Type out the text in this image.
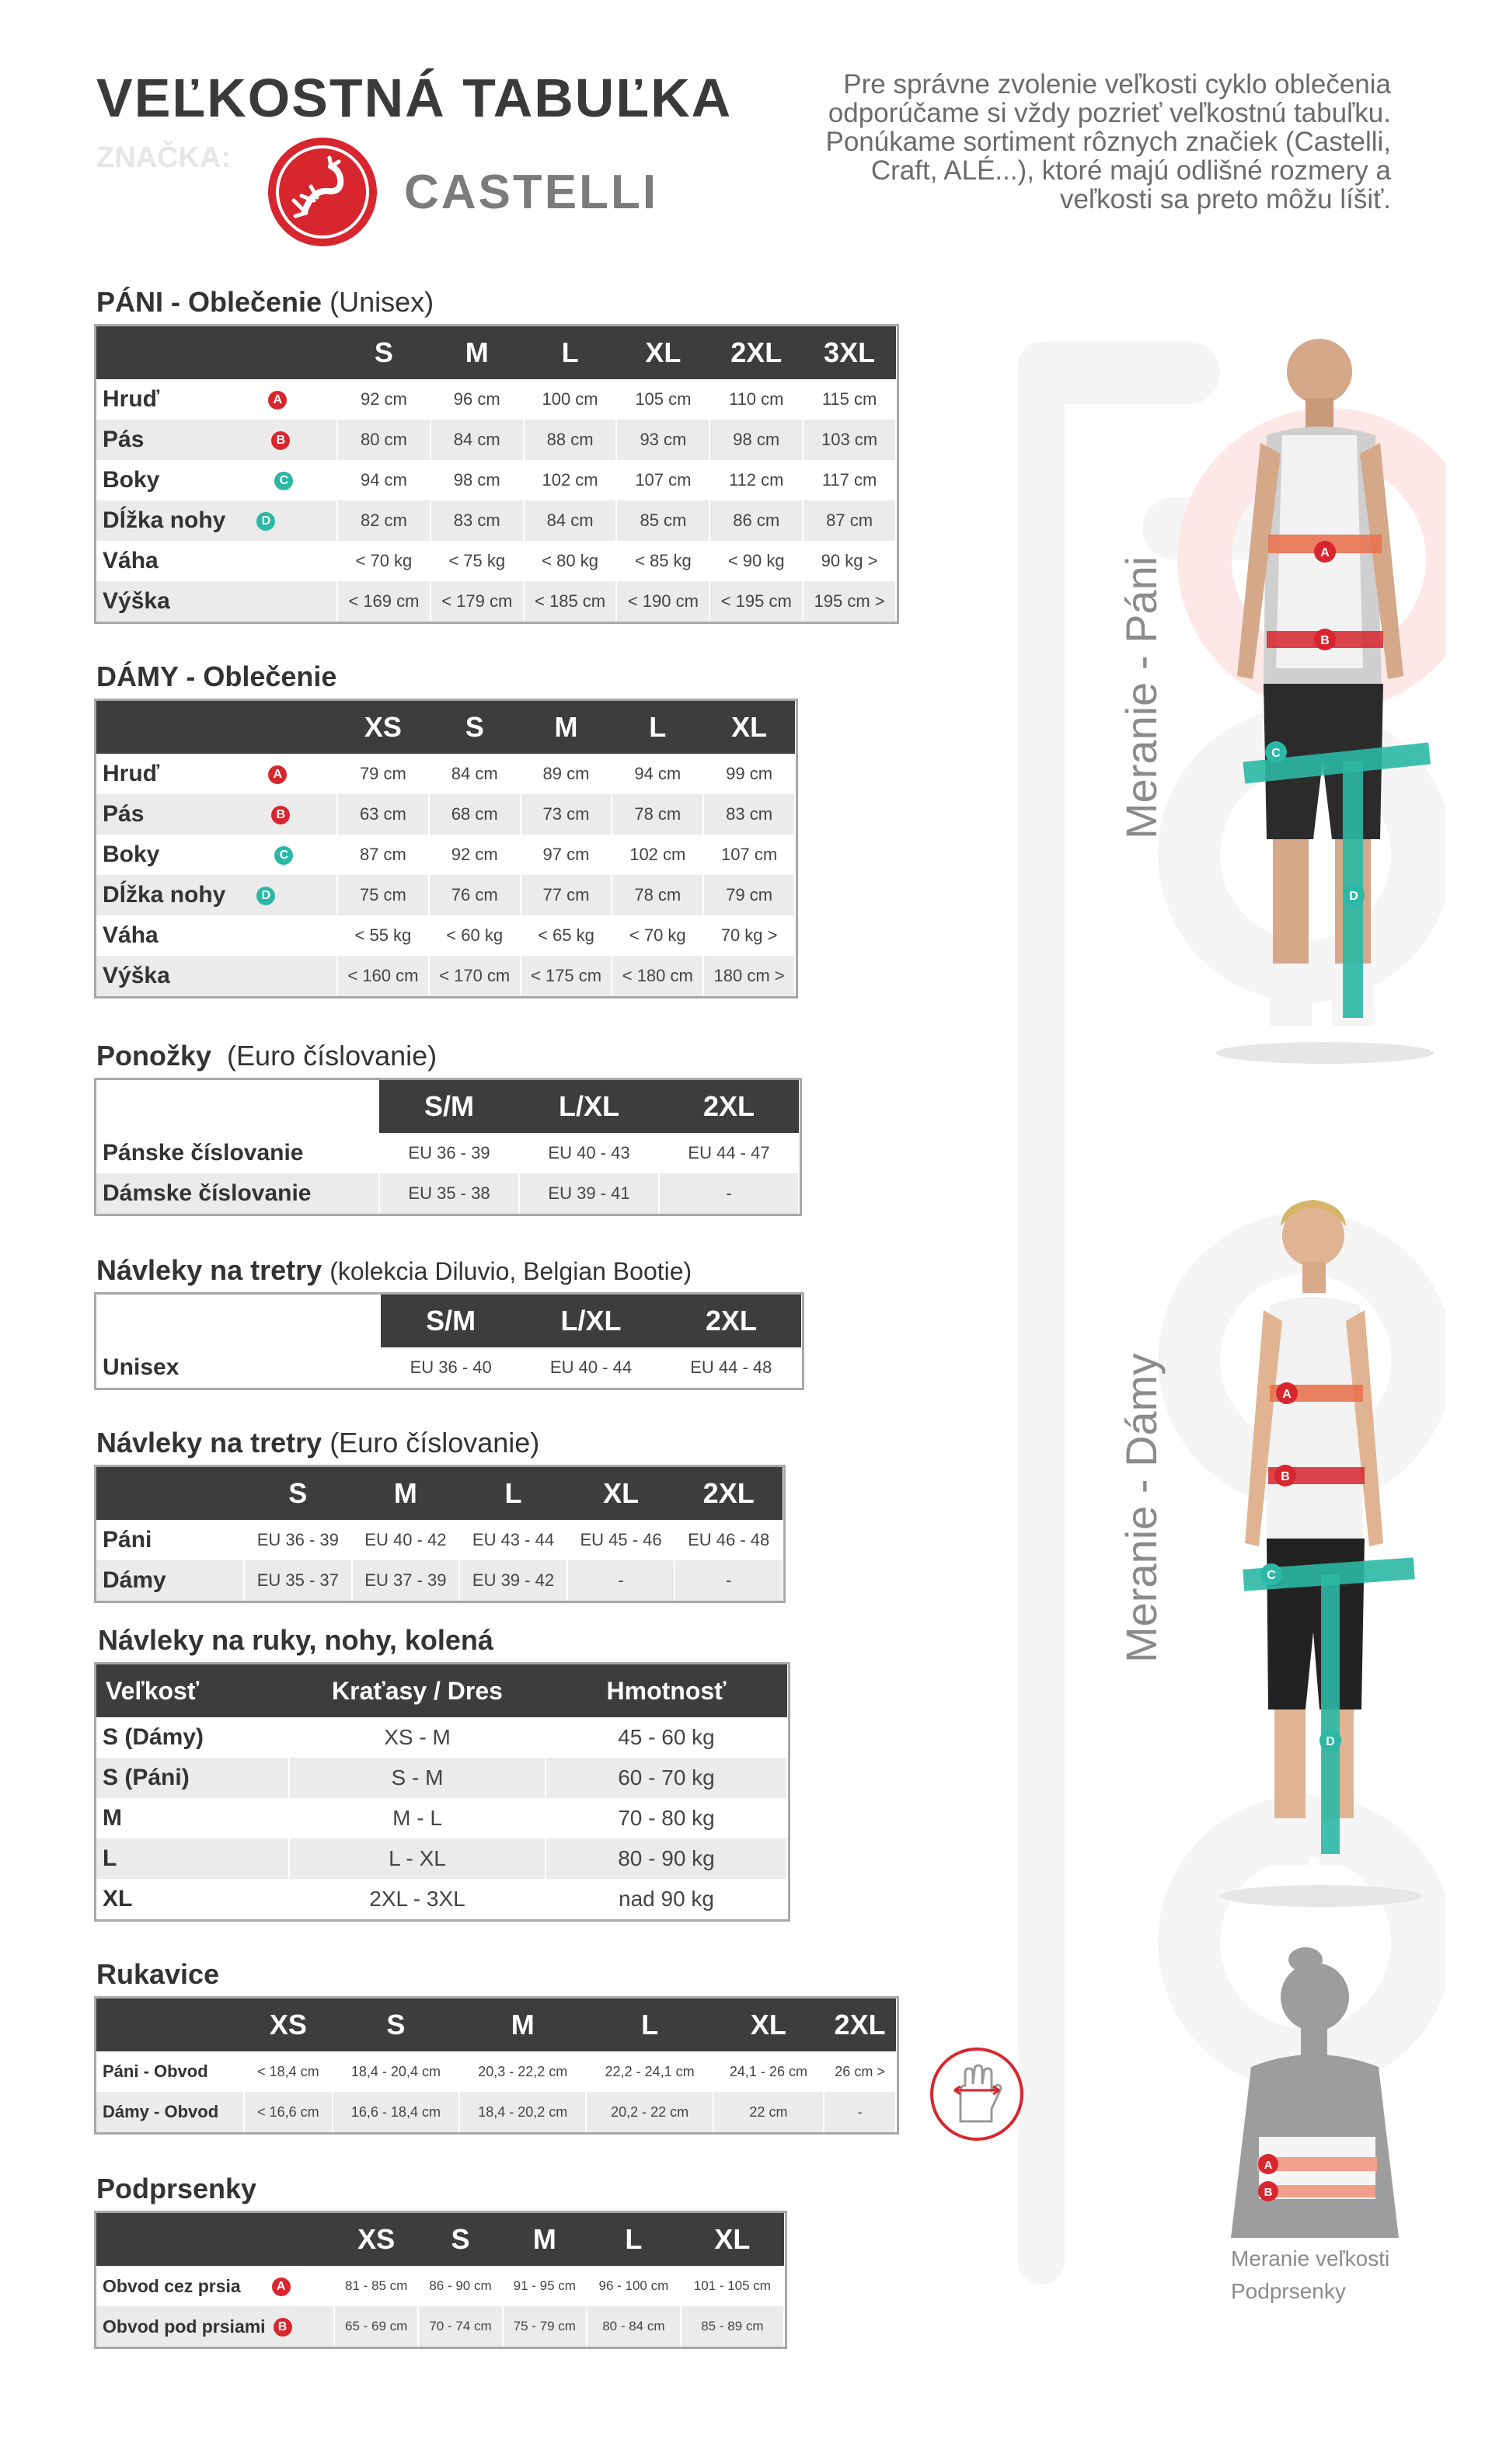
VEĽKOSTNÁ TABUĽKA
ZNAČKA:
CASTELLI
Pre správne zvolenie veľkosti cyklo oblečenia odporúčame si vždy pozrieť veľkostnú tabuľku. Ponúkame sortiment rôznych značiek (Castelli, Craft, ALÉ...), ktoré majú odlišné rozmery a veľkosti sa preto môžu líšiť.
Meranie - Páni
Meranie - Dámy
A
B
C
D
A
B
C
D
A
B
Meranie veľkosti
Podprsenky
PÁNI - Oblečenie (Unisex)
	S	M	L	XL	2XL	3XL
Hruď A	92 cm	96 cm	100 cm	105 cm	110 cm	115 cm
Pás B	80 cm	84 cm	88 cm	93 cm	98 cm	103 cm
Boky C	94 cm	98 cm	102 cm	107 cm	112 cm	117 cm
Dĺžka nohy D	82 cm	83 cm	84 cm	85 cm	86 cm	87 cm
Váha	< 70 kg	< 75 kg	< 80 kg	< 85 kg	< 90 kg	90 kg >
Výška	< 169 cm	< 179 cm	< 185 cm	< 190 cm	< 195 cm	195 cm >
DÁMY - Oblečenie
	XS	S	M	L	XL
Hruď A	79 cm	84 cm	89 cm	94 cm	99 cm
Pás B	63 cm	68 cm	73 cm	78 cm	83 cm
Boky C	87 cm	92 cm	97 cm	102 cm	107 cm
Dĺžka nohy D	75 cm	76 cm	77 cm	78 cm	79 cm
Váha	< 55 kg	< 60 kg	< 65 kg	< 70 kg	70 kg >
Výška	< 160 cm	< 170 cm	< 175 cm	< 180 cm	180 cm >
Ponožky (Euro číslovanie)
	S/M	L/XL	2XL
Pánske číslovanie	EU 36 - 39	EU 40 - 43	EU 44 - 47
Dámske číslovanie	EU 35 - 38	EU 39 - 41	-
Návleky na tretry (kolekcia Diluvio, Belgian Bootie)
	S/M	L/XL	2XL
Unisex	EU 36 - 40	EU 40 - 44	EU 44 - 48
Návleky na tretry (Euro číslovanie)
	S	M	L	XL	2XL
Páni	EU 36 - 39	EU 40 - 42	EU 43 - 44	EU 45 - 46	EU 46 - 48
Dámy	EU 35 - 37	EU 37 - 39	EU 39 - 42	-	-
Návleky na ruky, nohy, kolená
Veľkosť	Kraťasy / Dres	Hmotnosť
S (Dámy)	XS - M	45 - 60 kg
S (Páni)	S - M	60 - 70 kg
M	M - L	70 - 80 kg
L	L - XL	80 - 90 kg
XL	2XL - 3XL	nad 90 kg
Rukavice
	XS	S	M	L	XL	2XL
Páni - Obvod	< 18,4 cm	18,4 - 20,4 cm	20,3 - 22,2 cm	22,2 - 24,1 cm	24,1 - 26 cm	26 cm >
Dámy - Obvod	< 16,6 cm	16,6 - 18,4 cm	18,4 - 20,2 cm	20,2 - 22 cm	22 cm	-
Podprsenky
	XS	S	M	L	XL
Obvod cez prsia A	81 - 85 cm	86 - 90 cm	91 - 95 cm	96 - 100 cm	101 - 105 cm
Obvod pod prsiami B	65 - 69 cm	70 - 74 cm	75 - 79 cm	80 - 84 cm	85 - 89 cm
